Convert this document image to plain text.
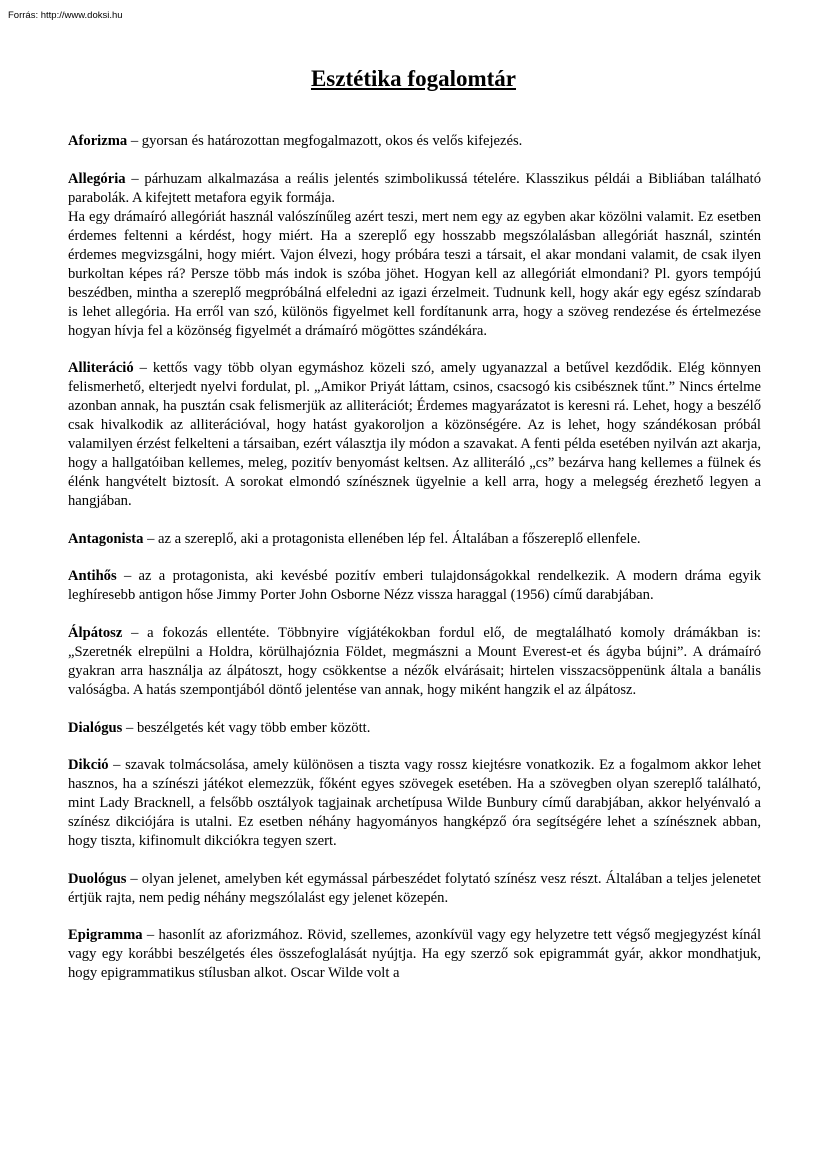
Forrás: http://www.doksi.hu
Esztétika fogalomtár

Aforizma – gyorsan és határozottan megfogalmazott, okos és velős kifejezés.

Allegória – párhuzam alkalmazása a reális jelentés szimbolikussá tételére. Klasszikus példái a Bibliában található parabolák. A kifejtett metafora egyik formája.
Ha egy drámaíró allegóriát használ valószínűleg azért teszi, mert nem egy az egyben akar közölni valamit. Ez esetben érdemes feltenni a kérdést, hogy miért. Ha a szereplő egy hosszabb megszólalásban allegóriát használ, szintén érdemes megvizsgálni, hogy miért. Vajon élvezi, hogy próbára teszi a társait, el akar mondani valamit, de csak ilyen burkoltan képes rá? Persze több más indok is szóba jöhet. Hogyan kell az allegóriát elmondani? Pl. gyors tempójú beszédben, mintha a szereplő megpróbálná elfeledni az igazi érzelmeit. Tudnunk kell, hogy akár egy egész színdarab is lehet allegória. Ha erről van szó, különös figyelmet kell fordítanunk arra, hogy a szöveg rendezése és értelmezése hogyan hívja fel a közönség figyelmét a drámaíró mögöttes szándékára.

Alliteráció – kettős vagy több olyan egymáshoz közeli szó, amely ugyanazzal a betűvel kezdődik. Elég könnyen felismerhető, elterjedt nyelvi fordulat, pl. „Amikor Priyát láttam, csinos, csacsogó kis csibésznek tűnt.” Nincs értelme azonban annak, ha pusztán csak felismerjük az alliterációt; Érdemes magyarázatot is keresni rá. Lehet, hogy a beszélő csak hivalkodik az alliterációval, hogy hatást gyakoroljon a közönségére. Az is lehet, hogy szándékosan próbál valamilyen érzést felkelteni a társaiban, ezért választja ily módon a szavakat. A fenti példa esetében nyilván azt akarja, hogy a hallgatóiban kellemes, meleg, pozitív benyomást keltsen. Az alliteráló „cs” bezárva hang kellemes a fülnek és élénk hangvételt biztosít. A sorokat elmondó színésznek ügyelnie a kell arra, hogy a melegség érezhető legyen a hangjában.

Antagonista – az a szereplő, aki a protagonista ellenében lép fel. Általában a főszereplő ellenfele.

Antihős – az a protagonista, aki kevésbé pozitív emberi tulajdonságokkal rendelkezik. A modern dráma egyik leghíresebb antigon hőse Jimmy Porter John Osborne Nézz vissza haraggal (1956) című darabjában.

Álpátosz – a fokozás ellentéte. Többnyire vígjátékokban fordul elő, de megtalálható komoly drámákban is: „Szeretnék elrepülni a Holdra, körülhajóznia Földet, megmászni a Mount Everest-et és ágyba bújni”. A drámaíró gyakran arra használja az álpátoszt, hogy csökkentse a nézők elvárásait; hirtelen visszacsöppenünk általa a banális valóságba. A hatás szempontjából döntő jelentése van annak, hogy miként hangzik el az álpátosz.

Dialógus – beszélgetés két vagy több ember között.

Dikció – szavak tolmácsolása, amely különösen a tiszta vagy rossz kiejtésre vonatkozik. Ez a fogalmom akkor lehet hasznos, ha a színészi játékot elemezzük, főként egyes szövegek esetében. Ha a szövegben olyan szereplő található, mint Lady Bracknell, a felsőbb osztályok tagjainak archetípusa Wilde Bunbury című darabjában, akkor helyénvaló a színész dikciójára is utalni. Ez esetben néhány hagyományos hangképző óra segítségére lehet a színésznek abban, hogy tiszta, kifinomult dikciókra tegyen szert.

Duológus – olyan jelenet, amelyben két egymással párbeszédet folytató színész vesz részt. Általában a teljes jelenetet értjük rajta, nem pedig néhány megszólalást egy jelenet közepén.

Epigramma – hasonlít az aforizmához. Rövid, szellemes, azonkívül vagy egy helyzetre tett végső megjegyzést kínál vagy egy korábbi beszélgetés éles összefoglalását nyújtja. Ha egy szerző sok epigrammát gyár, akkor mondhatjuk, hogy epigrammatikus stílusban alkot. Oscar Wilde volt a
